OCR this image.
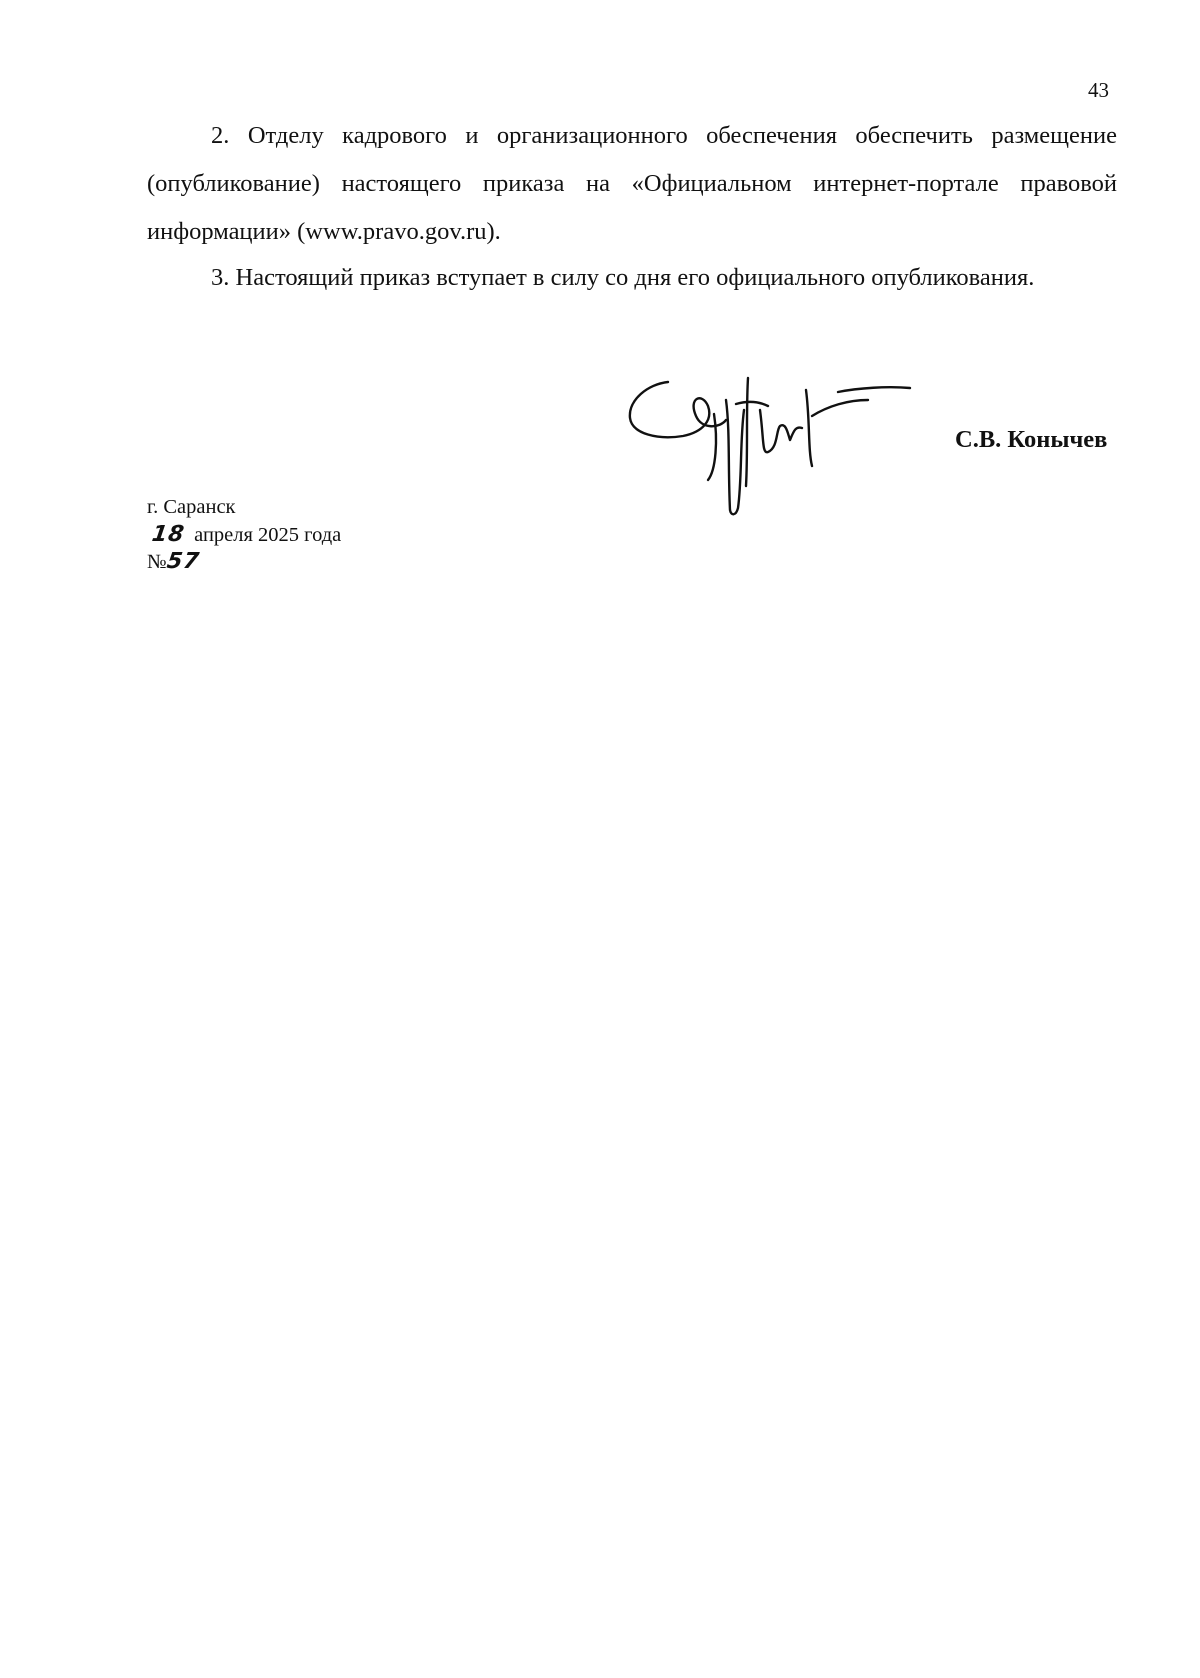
43

2. Отделу кадрового и организационного обеспечения обеспечить размещение (опубликование) настоящего приказа на «Официальном интернет-портале правовой информации» (www.pravo.gov.ru).

3. Настоящий приказ вступает в силу со дня его официального опубликования.

С.В. Конычев
г. Саранск
18 апреля 2025 года
№57
